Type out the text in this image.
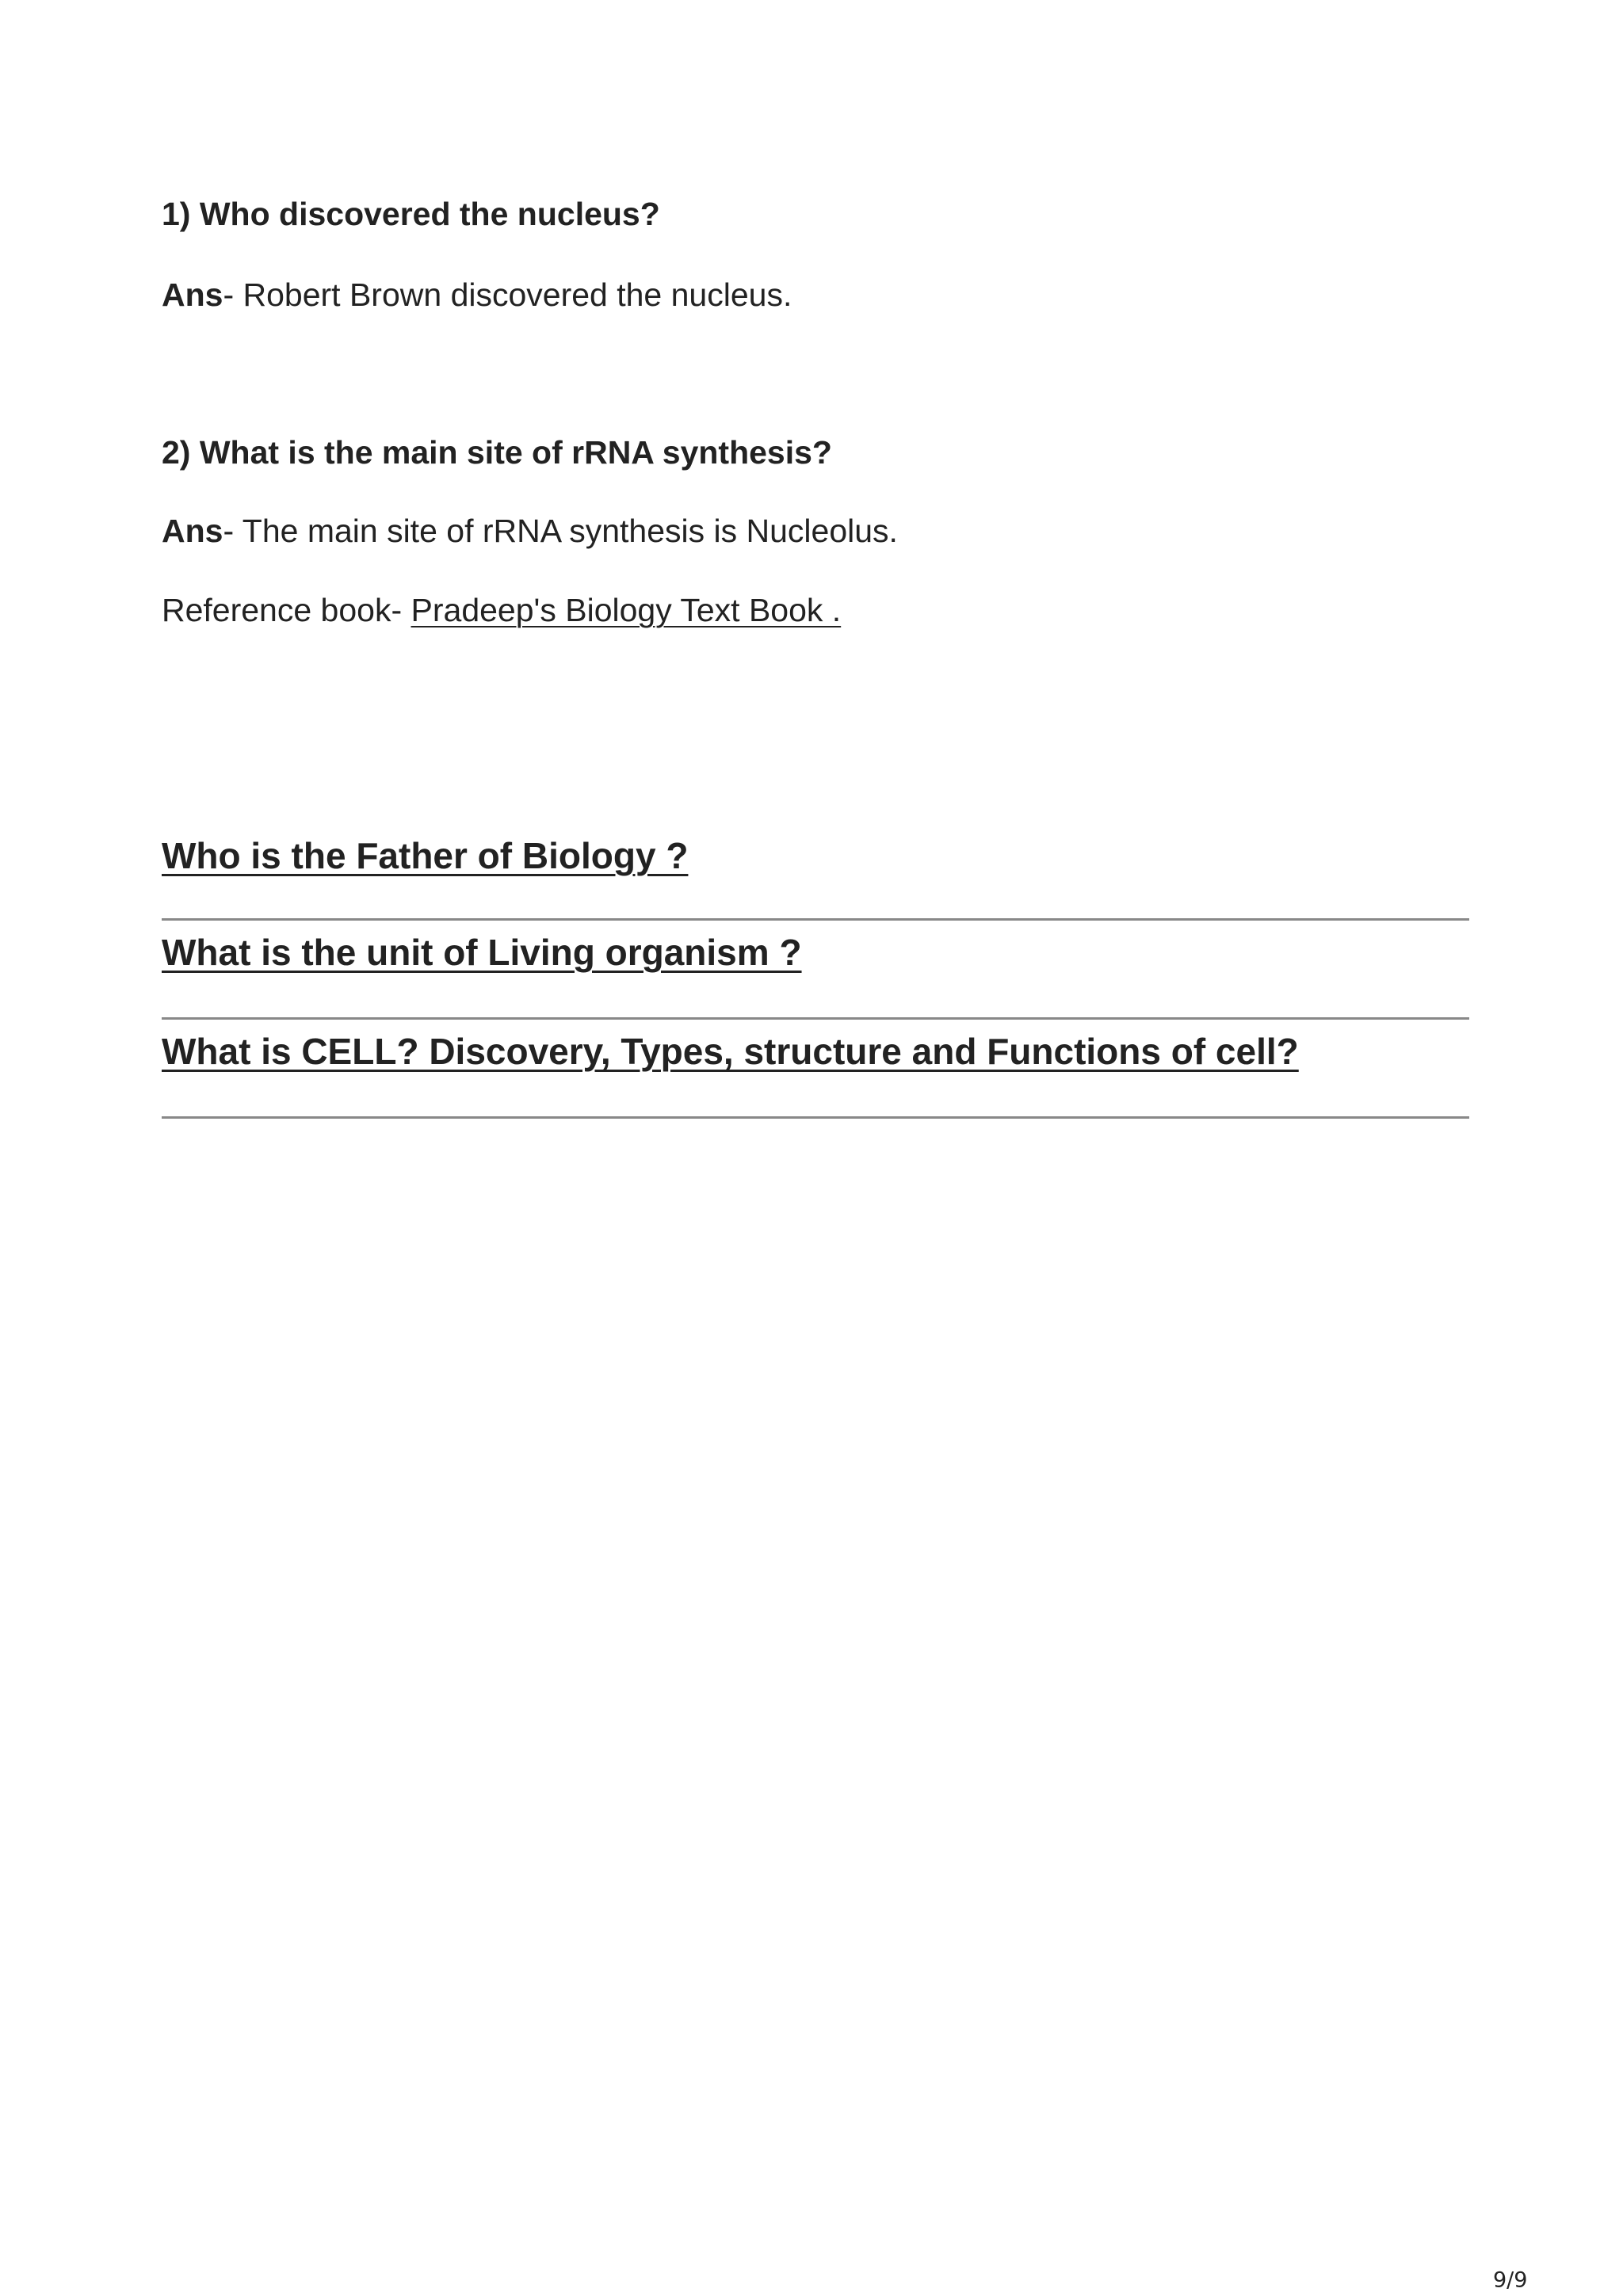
1) Who discovered the nucleus?

Ans- Robert Brown discovered the nucleus.

2) What is the main site of rRNA synthesis?

Ans- The main site of rRNA synthesis is Nucleolus.

Reference book- Pradeep's Biology Text Book .

Who is the Father of Biology ?
What is the unit of Living organism ?
What is CELL? Discovery, Types, structure and Functions of cell?
9/9
